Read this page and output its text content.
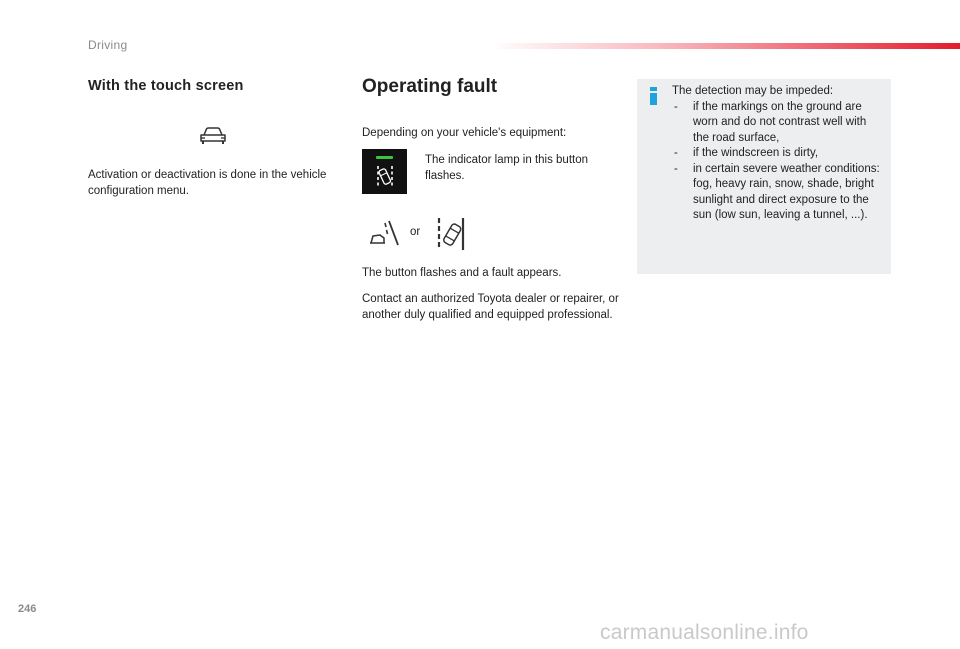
Driving
With the touch screen
Activation or deactivation is done in the vehicle configuration menu.
Operating fault
Depending on your vehicle's equipment:
The indicator lamp in this button flashes.
or
The button flashes and a fault appears.
Contact an authorized Toyota dealer or repairer, or another duly qualified and equipped professional.
The detection may be impeded:
- if the markings on the ground are worn and do not contrast well with the road surface,
- if the windscreen is dirty,
- in certain severe weather conditions: fog, heavy rain, snow, shade, bright sunlight and direct exposure to the sun (low sun, leaving a tunnel, ...).
246
carmanualsonline.info
